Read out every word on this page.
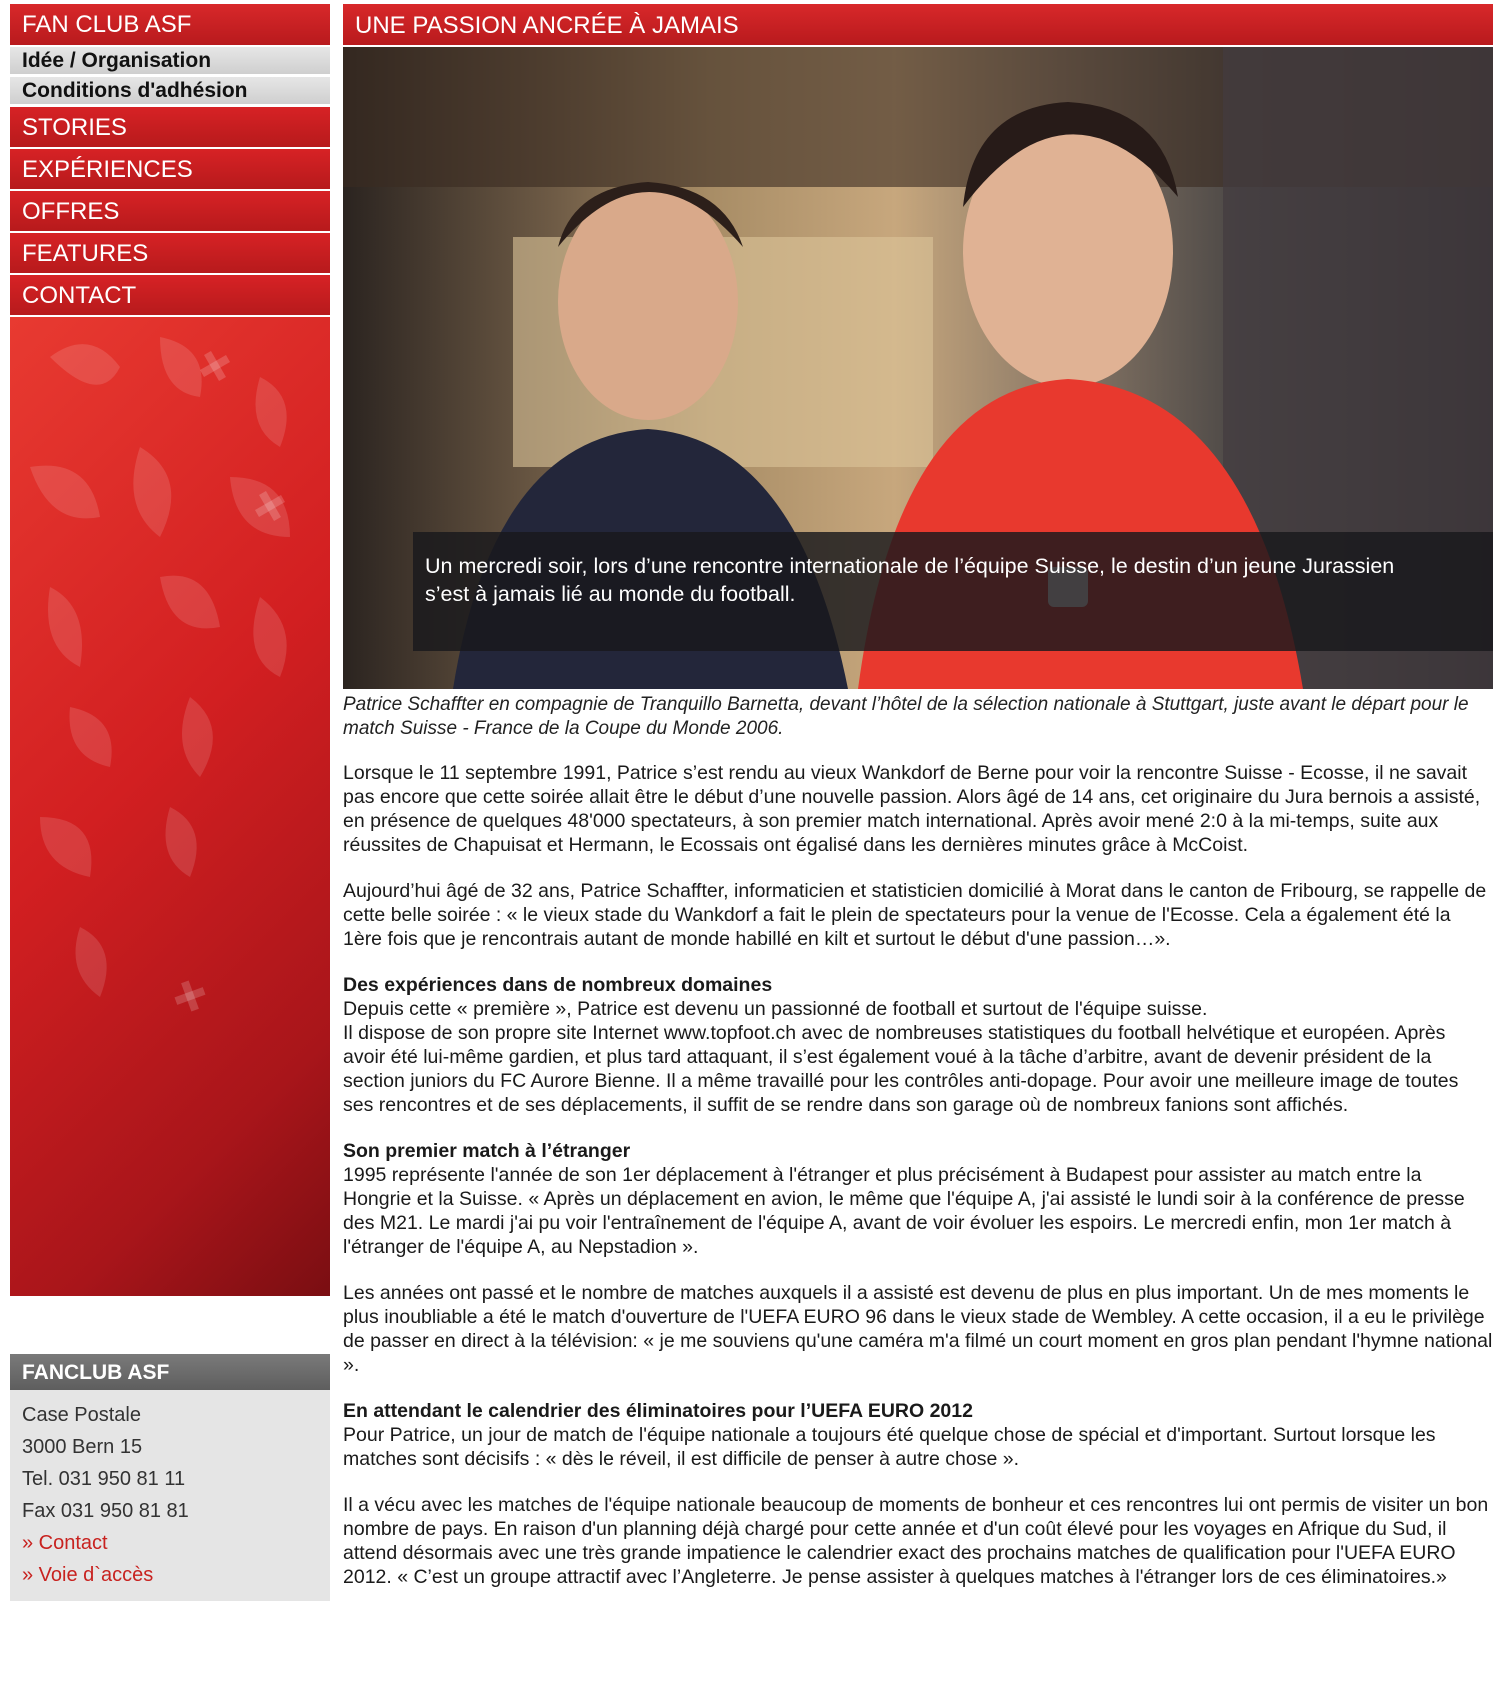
FAN CLUB ASF
Idée / Organisation
Conditions d'adhésion
STORIES
EXPÉRIENCES
OFFRES
FEATURES
CONTACT
FANCLUB ASF
Case Postale
3000 Bern 15
Tel. 031 950 81 11
Fax 031 950 81 81
» Contact
» Voie d`accès
UNE PASSION ANCRÉE À JAMAIS

Un mercredi soir, lors d’une rencontre internationale de l’équipe Suisse, le destin d’un jeune Jurassien s’est à jamais lié au monde du football.

Patrice Schaffter en compagnie de Tranquillo Barnetta, devant l’hôtel de la sélection nationale à Stuttgart, juste avant le départ pour le match Suisse - France de la Coupe du Monde 2006.

Lorsque le 11 septembre 1991, Patrice s’est rendu au vieux Wankdorf de Berne pour voir la rencontre Suisse - Ecosse, il ne savait pas encore que cette soirée allait être le début d’une nouvelle passion. Alors âgé de 14 ans, cet originaire du Jura bernois a assisté, en présence de quelques 48'000 spectateurs, à son premier match international. Après avoir mené 2:0 à la mi-temps, suite aux réussites de Chapuisat et Hermann, le Ecossais ont égalisé dans les dernières minutes grâce à McCoist.

Aujourd’hui âgé de 32 ans, Patrice Schaffter, informaticien et statisticien domicilié à Morat dans le canton de Fribourg, se rappelle de cette belle soirée : « le vieux stade du Wankdorf a fait le plein de spectateurs pour la venue de l'Ecosse. Cela a également été la 1ère fois que je rencontrais autant de monde habillé en kilt et surtout le début d'une passion…».

Des expériences dans de nombreux domaines
Depuis cette « première », Patrice est devenu un passionné de football et surtout de l'équipe suisse.
Il dispose de son propre site Internet www.topfoot.ch avec de nombreuses statistiques du football helvétique et européen. Après avoir été lui-même gardien, et plus tard attaquant, il s’est également voué à la tâche d’arbitre, avant de devenir président de la section juniors du FC Aurore Bienne. Il a même travaillé pour les contrôles anti-dopage. Pour avoir une meilleure image de toutes ses rencontres et de ses déplacements, il suffit de se rendre dans son garage où de nombreux fanions sont affichés.

Son premier match à l’étranger
1995 représente l'année de son 1er déplacement à l'étranger et plus précisément à Budapest pour assister au match entre la Hongrie et la Suisse. « Après un déplacement en avion, le même que l'équipe A, j'ai assisté le lundi soir à la conférence de presse des M21. Le mardi j'ai pu voir l'entraînement de l'équipe A, avant de voir évoluer les espoirs. Le mercredi enfin, mon 1er match à l'étranger de l'équipe A, au Nepstadion ».

Les années ont passé et le nombre de matches auxquels il a assisté est devenu de plus en plus important. Un de mes moments le plus inoubliable a été le match d'ouverture de l'UEFA EURO 96 dans le vieux stade de Wembley. A cette occasion, il a eu le privilège de passer en direct à la télévision: « je me souviens qu'une caméra m'a filmé un court moment en gros plan pendant l'hymne national ».

En attendant le calendrier des éliminatoires pour l’UEFA EURO 2012
Pour Patrice, un jour de match de l'équipe nationale a toujours été quelque chose de spécial et d'important. Surtout lorsque les matches sont décisifs : « dès le réveil, il est difficile de penser à autre chose ».

Il a vécu avec les matches de l'équipe nationale beaucoup de moments de bonheur et ces rencontres lui ont permis de visiter un bon nombre de pays. En raison d'un planning déjà chargé pour cette année et d'un coût élevé pour les voyages en Afrique du Sud, il attend désormais avec une très grande impatience le calendrier exact des prochains matches de qualification pour l'UEFA EURO 2012. « C’est un groupe attractif avec l’Angleterre. Je pense assister à quelques matches à l'étranger lors de ces éliminatoires.»
